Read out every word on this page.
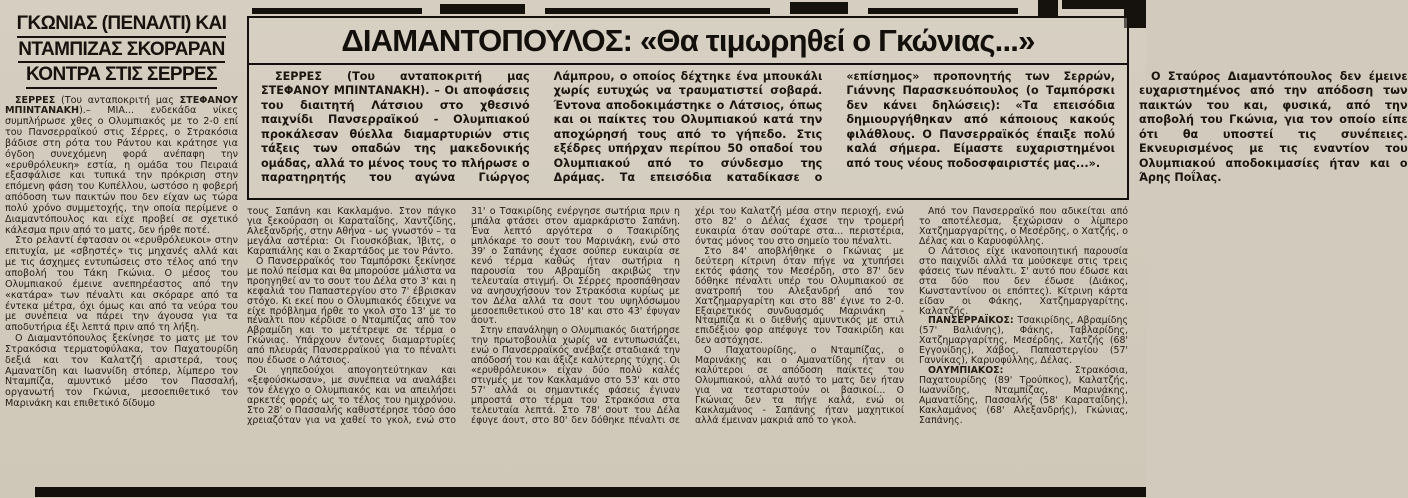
ΓΚΩΝΙΑΣ (ΠΕΝΑΛΤΙ) ΚΑΙ
ΝΤΑΜΠΙΖΑΣ ΣΚΟΡΑΡΑΝ
ΚΟΝΤΡΑ ΣΤΙΣ ΣΕΡΡΕΣ

ΣΕΡΡΕΣ (Του ανταποκριτή μας ΣΤΕΦΑΝΟΥ ΜΠΙΝΤΑΝΑΚΗ).– ΜΙΑ... ενδεκάδα νίκες συμπλήρωσε χθες ο Ολυμπιακός με το 2-0 επί του Πανσερραϊκού στις Σέρρες, ο Στρακόσια βάδισε στη ρότα του Ράντου και κράτησε για όγδοη συνεχόμενη φορά ανέπαφη την «ερυθρόλευκη» εστία, η ομάδα του Πειραιά εξασφάλισε και τυπικά την πρόκριση στην επόμενη φάση του Κυπέλλου, ωστόσο η φοβερή απόδοση των παικτών που δεν είχαν ως τώρα πολύ χρόνο συμμετοχής, την οποία περίμενε ο Διαμαντόπουλος και είχε προβεί σε σχετικό κάλεσμα πριν από το ματς, δεν ήρθε ποτέ.

Στο ρελαντί έφτασαν οι «ερυθρόλευκοι» στην επιτυχία, με «σβηστές» τις μηχανές αλλά και με τις άσχημες εντυπώσεις στο τέλος από την αποβολή του Τάκη Γκώνια. Ο μέσος του Ολυμπιακού έμεινε ανεπηρέαστος από την «κατάρα» των πέναλτι και σκόραρε από τα έντεκα μέτρα, όχι όμως και από τα νεύρα του με συνέπεια να πάρει την άγουσα για τα αποδυτήρια έξι λεπτά πριν από τη λήξη.

Ο Διαμαντόπουλος ξεκίνησε το ματς με τον Στρακόσια τερματοφύλακα, τον Παχατουρίδη δεξιά και τον Καλατζή αριστερά, τους Αμανατίδη και Ιωαννίδη στόπερ, λίμπερο τον Νταμπίζα, αμυντικό μέσο τον Πασσαλή, οργανωτή τον Γκώνια, μεσοεπιθετικό τον Μαρινάκη και επιθετικό δίδυμο

ΔΙΑΜΑΝΤΟΠΟΥΛΟΣ: «Θα τιμωρηθεί ο Γκώνιας...»

ΣΕΡΡΕΣ (Του ανταποκριτή μας ΣΤΕΦΑΝΟΥ ΜΠΙΝΤΑΝΑΚΗ). – Οι αποφάσεις του διαιτητή Λάτσιου στο χθεσινό παιχνίδι Πανσερραϊκού - Ολυμπιακού προκάλεσαν θύελλα διαμαρτυριών στις τάξεις των οπαδών της μακεδονικής ομάδας, αλλά το μένος τους το πλήρωσε ο παρατηρητής του αγώνα Γιώργος Λάμπρου, ο οποίος δέχτηκε ένα μπουκάλι χωρίς ευτυχώς να τραυματιστεί σοβαρά. Έντονα αποδοκιμάστηκε ο Λάτσιος, όπως και οι παίκτες του Ολυμπιακού κατά την αποχώρησή τους από το γήπεδο. Στις εξέδρες υπήρχαν περίπου 50 οπαδοί του Ολυμπιακού από το σύνδεσμο της Δράμας. Τα επεισόδια καταδίκασε ο «επίσημος» προπονητής των Σερρών, Γιάννης Παρασκευόπουλος (ο Ταμπόρσκι δεν κάνει δηλώσεις): «Τα επεισόδια δημιουργήθηκαν από κάποιους κακούς φιλάθλους. Ο Πανσερραϊκός έπαιξε πολύ καλά σήμερα. Είμαστε ευχαριστημένοι από τους νέους ποδοσφαιριστές μας...».

Ο Σταύρος Διαμαντόπουλος δεν έμεινε ευχαριστημένος από την απόδοση των παικτών του και, φυσικά, από την αποβολή του Γκώνια, για τον οποίο είπε ότι θα υποστεί τις συνέπειες. Εκνευρισμένος με τις εναντίον του Ολυμπιακού αποδοκιμασίες ήταν και ο Άρης Ποΐλας.

τους Σαπάνη και Κακλαμάνο. Στον πάγκο για ξεκούραση οι Καραταΐδης, Χαντζίδης, Αλεξανδρής, στην Αθήνα - ως γνωστόν – τα μεγάλα αστέρια: Οι Γιουσκόβιακ, Ίβιτς, ο Καραπιάλης και ο Σκαρτάδος με τον Ράντο.

Ο Πανσερραϊκός του Ταμπόρσκι ξεκίνησε με πολύ πείσμα και θα μπορούσε μάλιστα να προηγηθεί αν το σουτ του Δέλα στο 3' και η κεφαλιά του Παπαστεργίου στο 7' έβρισκαν στόχο. Κι εκεί που ο Ολυμπιακός έδειχνε να είχε πρόβλημα ήρθε το γκολ στο 13' με το πέναλτι που κέρδισε ο Νταμπίζας από τον Αβραμίδη και το μετέτρεψε σε τέρμα ο Γκώνιας. Υπάρχουν έντονες διαμαρτυρίες από πλευράς Πανσερραϊκού για το πέναλτι που έδωσε ο Λάτσιος.

Οι γηπεδούχοι απογοητεύτηκαν και «ξεφούσκωσαν», με συνέπεια να αναλάβει τον έλεγχο ο Ολυμπιακός και να απειλήσει αρκετές φορές ως το τέλος του ημιχρόνου. Στο 28' ο Πασσαλής καθυστέρησε τόσο όσο χρειαζόταν για να χαθεί το γκολ, ενώ στο 31' ο Τσακιρίδης ενέργησε σωτήρια πριν η μπάλα φτάσει στον αμαρκάριστο Σαπάνη. Ένα λεπτό αργότερα ο Τσακιρίδης μπλόκαρε το σουτ του Μαρινάκη, ενώ στο 39' ο Σαπάνης έχασε σούπερ ευκαιρία σε κενό τέρμα καθώς ήταν σωτήρια η παρουσία του Αβραμίδη ακριβώς την τελευταία στιγμή. Οι Σέρρες προσπάθησαν να ανησυχήσουν τον Στρακόσια κυρίως με τον Δέλα αλλά τα σουτ του υψηλόσωμου μεσοεπιθετικού στο 18' και στο 43' έφυγαν άουτ.

Στην επανάληψη ο Ολυμπιακός διατήρησε την πρωτοβουλία χωρίς να εντυπωσιάζει, ενώ ο Πανσερραϊκός ανέβαζε σταδιακά την απόδοσή του και άξιζε καλύτερης τύχης. Οι «ερυθρόλευκοι» είχαν δύο πολύ καλές στιγμές με τον Κακλαμάνο στο 53' και στο 57' αλλά οι σημαντικές φάσεις έγιναν μπροστά στο τέρμα του Στρακόσια στα τελευταία λεπτά. Στο 78' σουτ του Δέλα έφυγε άουτ, στο 80' δεν δόθηκε πέναλτι σε χέρι του Καλατζή μέσα στην περιοχή, ενώ στο 82' ο Δέλας έχασε την τρομερή ευκαιρία όταν σούταρε στα... περιστέρια, όντας μόνος του στο σημείο του πέναλτι.

Στο 84' αποβλήθηκε ο Γκώνιας με δεύτερη κίτρινη όταν πήγε να χτυπήσει εκτός φάσης τον Μεσέρδη, στο 87' δεν δόθηκε πέναλτι υπέρ του Ολυμπιακού σε ανατροπή του Αλεξανδρή από τον Χατζημαργαρίτη και στο 88' έγινε το 2-0. Εξαιρετικός συνδυασμός Μαρινάκη - Νταμπίζα κι ο διεθνής αμυντικός με στιλ επιδέξιου φορ απέφυγε τον Τσακιρίδη και δεν αστόχησε.

Ο Παχατουρίδης, ο Νταμπίζας, ο Μαρινάκης και ο Αμανατίδης ήταν οι καλύτεροι σε απόδοση παίκτες του Ολυμπιακού, αλλά αυτό το ματς δεν ήταν για να τεσταριστούν οι βασικοί... Ο Γκώνιας δεν τα πήγε καλά, ενώ οι Κακλαμάνος - Σαπάνης ήταν μαχητικοί αλλά έμειναν μακριά από το γκολ.

Από τον Πανσερραϊκό που αδικείται από το αποτέλεσμα, ξεχώρισαν ο λίμπερο Χατζημαργαρίτης, ο Μεσέρδης, ο Χατζής, ο Δέλας και ο Καρυοφύλλης.

Ο Λάτσιος είχε ικανοποιητική παρουσία στο παιχνίδι αλλά τα μούσκεψε στις τρεις φάσεις των πέναλτι. Σ' αυτό που έδωσε και στα δύο που δεν έδωσε (Διάκος, Κωνσταντίνου οι επόπτες). Κίτρινη κάρτα είδαν οι Φάκης, Χατζημαργαρίτης, Καλατζής.

ΠΑΝΣΕΡΡΑΪΚΟΣ: Τσακιρίδης, Αβραμίδης (57' Βαλιάνης), Φάκης, Ταβλαρίδης, Χατζημαργαρίτης, Μεσέρδης, Χατζής (68' Εγγονίδης), Χάβος, Παπαστεργίου (57' Γαννίκας), Καρυοφύλλης, Δέλας.

ΟΛΥΜΠΙΑΚΟΣ: Στρακόσια, Παχατουρίδης (89' Τρούπκος), Καλατζής, Ιωαννίδης, Νταμπίζας, Μαρινάκης, Αμανατίδης, Πασσαλής (58' Καραταΐδης), Κακλαμάνος (68' Αλεξανδρής), Γκώνιας, Σαπάνης.
